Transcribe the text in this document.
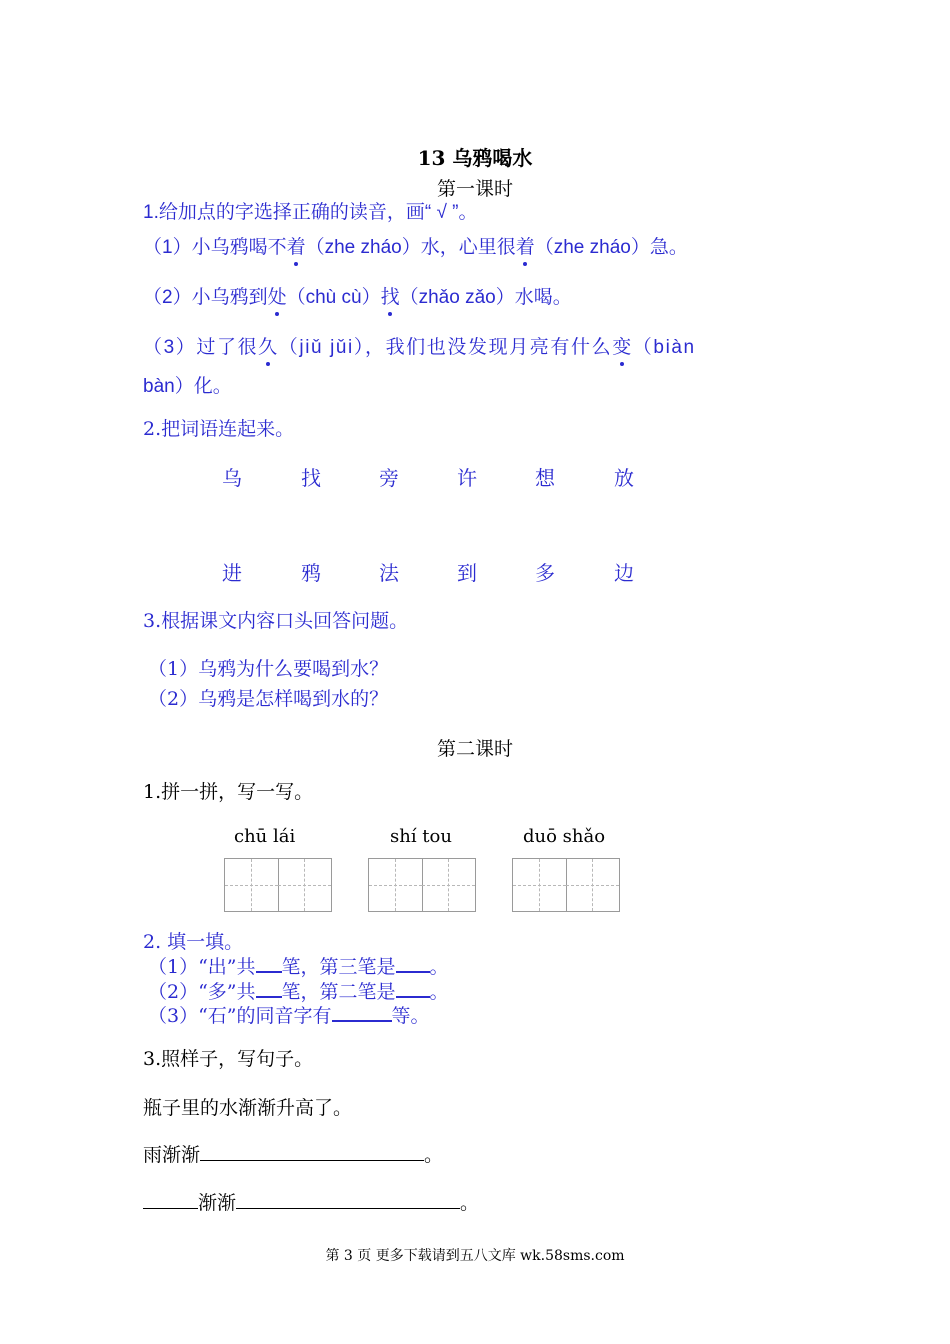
13 乌鸦喝水
第一课时
1.给加点的字选择正确的读音，画“ √ ”。
（1）小乌鸦喝不着（zhe zháo）水，心里很着（zhe zháo）急。
（2）小乌鸦到处（chù cù）找（zhǎo zǎo）水喝。
（3）过了很久（jiǔ jǔi），我们也没发现月亮有什么变（biàn
bàn）化。
2.把词语连起来。
乌	找	旁	许	想	放
进	鸦	法	到	多	边
3.根据课文内容口头回答问题。
（1）乌鸦为什么要喝到水？
（2）乌鸦是怎样喝到水的？
第二课时
1.拼一拼，写一写。
chū lái	shí tou	duō shǎo
2. 填一填。
（1）“出”共 笔，第三笔是 。
（2）“多”共 笔，第二笔是 。
（3）“石”的同音字有	等。
3.照样子，写句子。
瓶子里的水渐渐升高了。
雨渐渐	。
渐渐	。
第 3 页 更多下载请到五八文库 wk.58sms.com
